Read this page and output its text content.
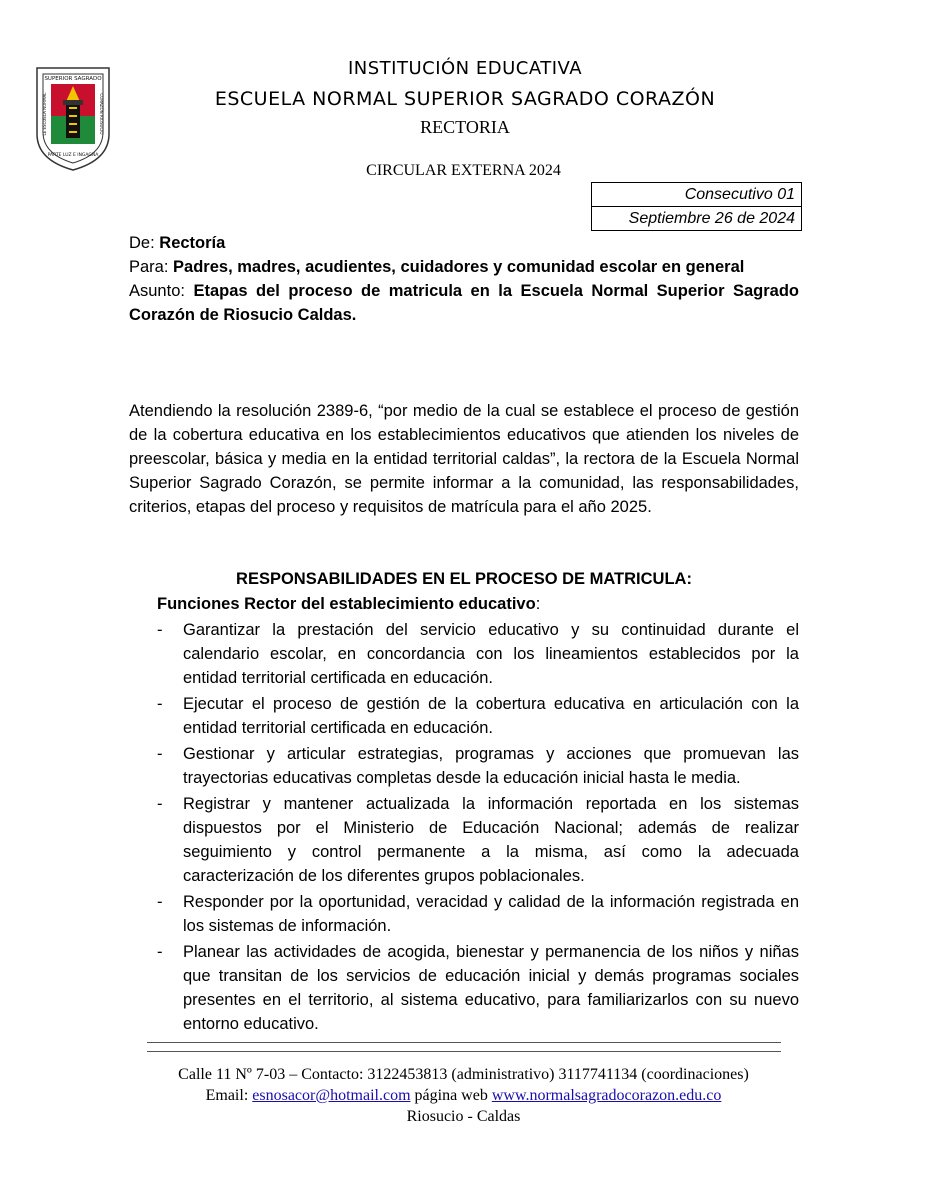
SUPERIOR SAGRADO
LE ESCUELA NORMAL	CORAZÓN RIOSUCIO
PARTE LUZ E INGAGNA
INSTITUCIÓN EDUCATIVA
ESCUELA NORMAL SUPERIOR SAGRADO CORAZÓN
RECTORIA
CIRCULAR EXTERNA 2024
Consecutivo 01
Septiembre 26 de 2024

De: Rectoría

Para: Padres, madres, acudientes, cuidadores y comunidad escolar en general

Asunto: Etapas del proceso de matricula en la Escuela Normal Superior Sagrado Corazón de Riosucio Caldas.

Atendiendo la resolución 2389-6, “por medio de la cual se establece el proceso de gestión de la cobertura educativa en los establecimientos educativos que atienden los niveles de preescolar, básica y media en la entidad territorial caldas”, la rectora de la Escuela Normal Superior Sagrado Corazón, se permite informar a la comunidad, las responsabilidades, criterios, etapas del proceso y requisitos de matrícula para el año 2025.

RESPONSABILIDADES EN EL PROCESO DE MATRICULA:

Funciones Rector del establecimiento educativo:

- Garantizar la prestación del servicio educativo y su continuidad durante el calendario escolar, en concordancia con los lineamientos establecidos por la entidad territorial certificada en educación.
- Ejecutar el proceso de gestión de la cobertura educativa en articulación con la entidad territorial certificada en educación.
- Gestionar y articular estrategias, programas y acciones que promuevan las trayectorias educativas completas desde la educación inicial hasta le media.
- Registrar y mantener actualizada la información reportada en los sistemas dispuestos por el Ministerio de Educación Nacional; además de realizar seguimiento y control permanente a la misma, así como la adecuada caracterización de los diferentes grupos poblacionales.
- Responder por la oportunidad, veracidad y calidad de la información registrada en los sistemas de información.
- Planear las actividades de acogida, bienestar y permanencia de los niños y niñas que transitan de los servicios de educación inicial y demás programas sociales presentes en el territorio, al sistema educativo, para familiarizarlos con su nuevo entorno educativo.
Calle 11 Nº 7-03 – Contacto: 3122453813 (administrativo) 3117741134 (coordinaciones)
Email: esnosacor@hotmail.com página web www.normalsagradocorazon.edu.co
Riosucio - Caldas
